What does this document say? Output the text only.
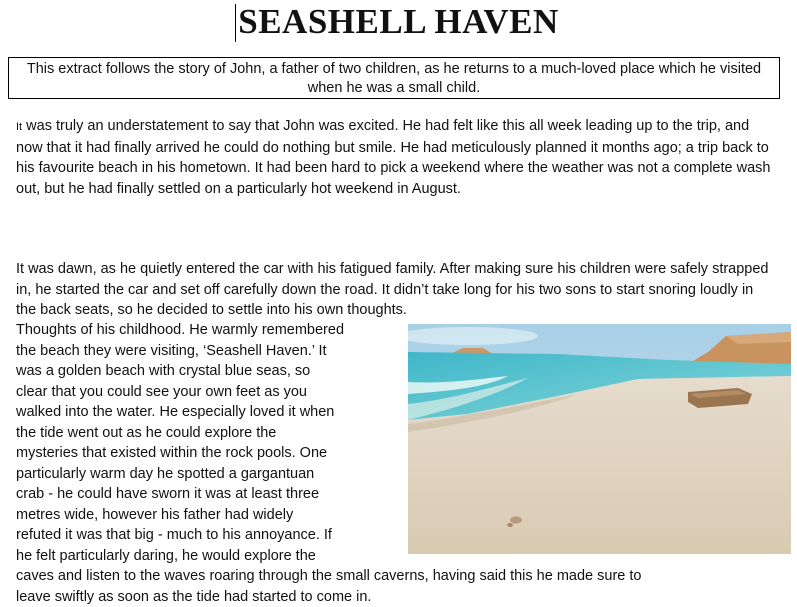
SEASHELL HAVEN
This extract follows the story of John, a father of two children, as he returns to a much-loved place which he visited when he was a small child.

It was truly an understatement to say that John was excited. He had felt like this all week leading up to the trip, and now that it had finally arrived he could do nothing but smile. He had meticulously planned it months ago; a trip back to his favourite beach in his hometown. It had been hard to pick a weekend where the weather was not a complete wash out, but he had finally settled on a particularly hot weekend in August.

It was dawn, as he quietly entered the car with his fatigued family. After making sure his children were safely strapped in, he started the car and set off carefully down the road. It didn’t take long for his two sons to start snoring loudly in the back seats, so he decided to settle into his own thoughts.

Thoughts of his childhood. He warmly remembered
the beach they were visiting, ‘Seashell Haven.’ It
was a golden beach with crystal blue seas, so
clear that you could see your own feet as you
walked into the water. He especially loved it when
the tide went out as he could explore the
mysteries that existed within the rock pools. One
particularly warm day he spotted a gargantuan
crab - he could have sworn it was at least three
metres wide, however his father had widely
refuted it was that big - much to his annoyance. If
he felt particularly daring, he would explore the
caves and listen to the waves roaring through the small caverns, having said this he made sure to
leave swiftly as soon as the tide had started to come in.
